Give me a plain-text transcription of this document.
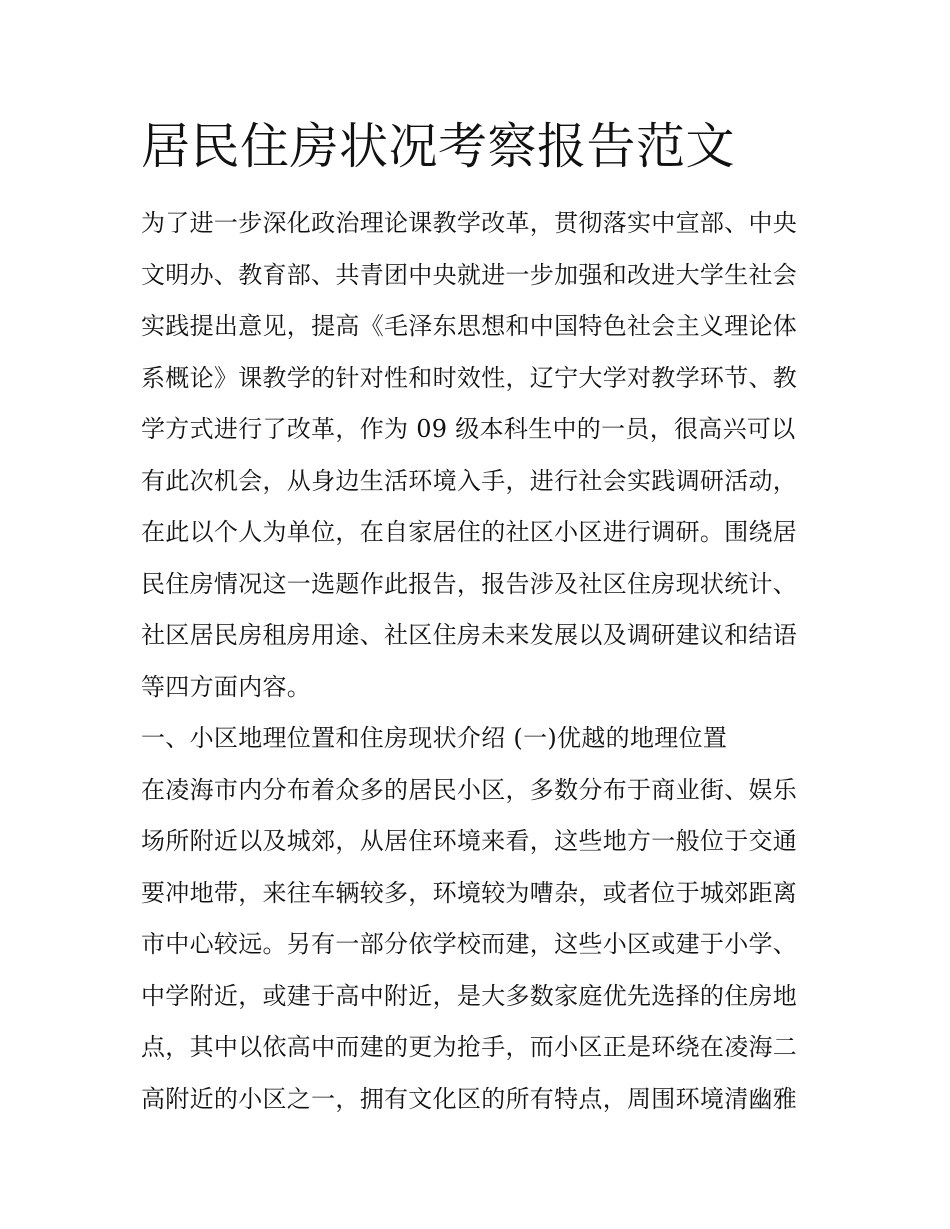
居民住房状况考察报告范文

为了进一步深化政治理论课教学改革，贯彻落实中宣部、中央
文明办、教育部、共青团中央就进一步加强和改进大学生社会
实践提出意见，提高《毛泽东思想和中国特色社会主义理论体
系概论》课教学的针对性和时效性，辽宁大学对教学环节、教
学方式进行了改革，作为 09 级本科生中的一员，很高兴可以
有此次机会，从身边生活环境入手，进行社会实践调研活动，
在此以个人为单位，在自家居住的社区小区进行调研。围绕居
民住房情况这一选题作此报告，报告涉及社区住房现状统计、
社区居民房租房用途、社区住房未来发展以及调研建议和结语
等四方面内容。

一、小区地理位置和住房现状介绍 (一)优越的地理位置

在凌海市内分布着众多的居民小区，多数分布于商业街、娱乐
场所附近以及城郊，从居住环境来看，这些地方一般位于交通
要冲地带，来往车辆较多，环境较为嘈杂，或者位于城郊距离
市中心较远。另有一部分依学校而建，这些小区或建于小学、
中学附近，或建于高中附近，是大多数家庭优先选择的住房地
点，其中以依高中而建的更为抢手，而小区正是环绕在凌海二
高附近的小区之一，拥有文化区的所有特点，周围环境清幽雅
